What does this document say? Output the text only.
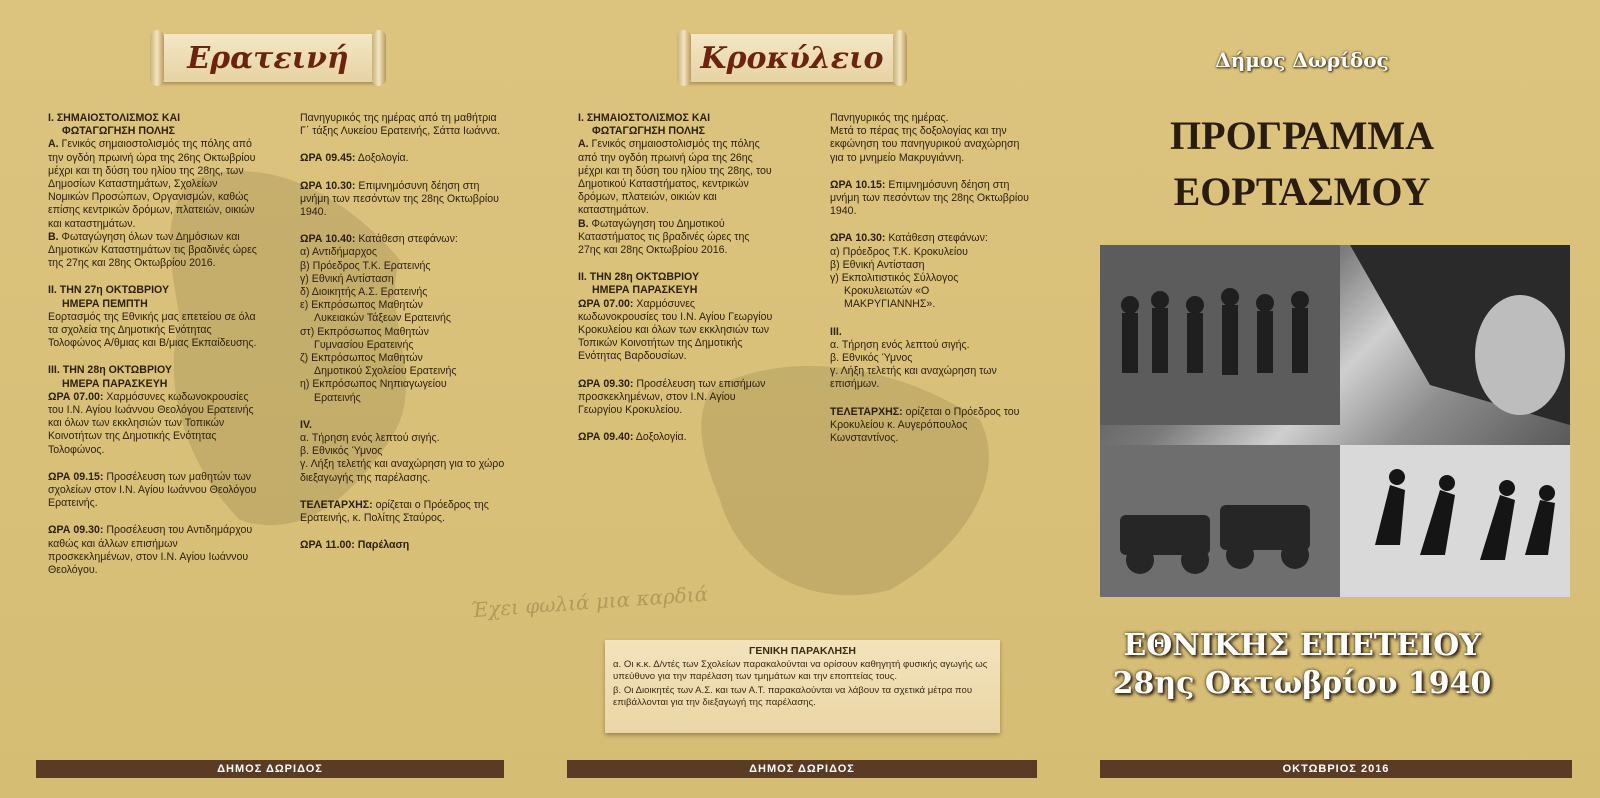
Έχει φωλιά μια καρδιά
Ερατεινή

I. ΣΗΜΑΙΟΣΤΟΛΙΣΜΟΣ ΚΑΙ

ΦΩΤΑΓΩΓΗΣΗ ΠΟΛΗΣ

Α. Γενικός σημαιοστολισμός της πόλης από την ογδόη πρωινή ώρα της 26ης Οκτωβρίου μέχρι και τη δύση του ηλίου της 28ης, των Δημοσίων Καταστημάτων, Σχολείων Νομικών Προσώπων, Οργανισμών, καθώς επίσης κεντρικών δρόμων, πλατειών, οικιών και καταστημάτων.

Β. Φωταγώγηση όλων των Δημόσιων και Δημοτικών Καταστημάτων τις βραδινές ώρες της 27ης και 28ης Οκτωβρίου 2016.

II. ΤΗΝ 27η ΟΚΤΩΒΡΙΟΥ

ΗΜΕΡΑ ΠΕΜΠΤΗ

Εορτασμός της Εθνικής μας επετείου σε όλα τα σχολεία της Δημοτικής Ενότητας Τολοφώνος Α/θμιας και Β/μιας Εκπαίδευσης.

III. ΤΗΝ 28η ΟΚΤΩΒΡΙΟΥ

ΗΜΕΡΑ ΠΑΡΑΣΚΕΥΗ

ΩΡΑ 07.00: Χαρμόσυνες κωδωνοκρουσίες του Ι.Ν. Αγίου Ιωάννου Θεολόγου Ερατεινής και όλων των εκκλησιών των Τοπικών Κοινοτήτων της Δημοτικής Ενότητας Τολοφώνος.

ΩΡΑ 09.15: Προσέλευση των μαθητών των σχολείων στον Ι.Ν. Αγίου Ιωάννου Θεολόγου Ερατεινής.

ΩΡΑ 09.30: Προσέλευση του Αντιδημάρχου καθώς και άλλων επισήμων προσκεκλημένων, στον Ι.Ν. Αγίου Ιωάννου Θεολόγου.

Πανηγυρικός της ημέρας από τη μαθήτρια Γ΄ τάξης Λυκείου Ερατεινής, Σάττα Ιωάννα.

ΩΡΑ 09.45: Δοξολογία.

ΩΡΑ 10.30: Επιμνημόσυνη δέηση στη μνήμη των πεσόντων της 28ης Οκτωβρίου 1940.

ΩΡΑ 10.40: Κατάθεση στεφάνων:

α) Αντιδήμαρχος

β) Πρόεδρος Τ.Κ. Ερατεινής

γ) Εθνική Αντίσταση

δ) Διοικητής Α.Σ. Ερατεινής

ε) Εκπρόσωπος Μαθητών

Λυκειακών Τάξεων Ερατεινής

στ) Εκπρόσωπος Μαθητών

Γυμνασίου Ερατεινής

ζ) Εκπρόσωπος Μαθητών

Δημοτικού Σχολείου Ερατεινής

η) Εκπρόσωπος Νηπιαγωγείου

Ερατεινής

IV.

α. Τήρηση ενός λεπτού σιγής.

β. Εθνικός Ύμνος

γ. Λήξη τελετής και αναχώρηση για το χώρο διεξαγωγής της παρέλασης.

ΤΕΛΕΤΑΡΧΗΣ: ορίζεται ο Πρόεδρος της Ερατεινής, κ. Πολίτης Σταύρος.

ΩΡΑ 11.00: Παρέλαση

ΔΗΜΟΣ ΔΩΡΙΔΟΣ
Κροκύλειο

I. ΣΗΜΑΙΟΣΤΟΛΙΣΜΟΣ ΚΑΙ

ΦΩΤΑΓΩΓΗΣΗ ΠΟΛΗΣ

Α. Γενικός σημαιοστολισμός της πόλης από την ογδόη πρωινή ώρα της 26ης μέχρι και τη δύση του ηλίου της 28ης, του Δημοτικού Καταστήματος, κεντρικών δρόμων, πλατειών, οικιών και καταστημάτων.

Β. Φωταγώγηση του Δημοτικού Καταστήματος τις βραδινές ώρες της 27ης και 28ης Οκτωβρίου 2016.

II. ΤΗΝ 28η ΟΚΤΩΒΡΙΟΥ

ΗΜΕΡΑ ΠΑΡΑΣΚΕΥΗ

ΩΡΑ 07.00: Χαρμόσυνες κωδωνοκρουσίες του Ι.Ν. Αγίου Γεωργίου Κροκυλείου και όλων των εκκλησιών των Τοπικών Κοινοτήτων της Δημοτικής Ενότητας Βαρδουσίων.

ΩΡΑ 09.30: Προσέλευση των επισήμων προσκεκλημένων, στον Ι.Ν. Αγίου Γεωργίου Κροκυλείου.

ΩΡΑ 09.40: Δοξολογία.

Πανηγυρικός της ημέρας.

Μετά το πέρας της δοξολογίας και την εκφώνηση του πανηγυρικού αναχώρηση για το μνημείο Μακρυγιάννη.

ΩΡΑ 10.15: Επιμνημόσυνη δέηση στη μνήμη των πεσόντων της 28ης Οκτωβρίου 1940.

ΩΡΑ 10.30: Κατάθεση στεφάνων:

α) Πρόεδρος Τ.Κ. Κροκυλείου

β) Εθνική Αντίσταση

γ) Εκπολιτιστικός Σύλλογος

Κροκυλειωτών «Ο

ΜΑΚΡΥΓΙΑΝΝΗΣ».

III.

α. Τήρηση ενός λεπτού σιγής.

β. Εθνικός Ύμνος

γ. Λήξη τελετής και αναχώρηση των επισήμων.

ΤΕΛΕΤΑΡΧΗΣ: ορίζεται ο Πρόεδρος του Κροκυλείου κ. Αυγερόπουλος Κωνσταντίνος.

ΓΕΝΙΚΗ ΠΑΡΑΚΛΗΣΗ

α. Οι κ.κ. Δ/ντές των Σχολείων παρακαλούνται να ορίσουν καθηγητή φυσικής αγωγής ως υπεύθυνο για την παρέλαση των τμημάτων και την εποπτείας τους.

β. Οι Διοικητές των Α.Σ. και των Α.Τ. παρακαλούνται να λάβουν τα σχετικά μέτρα που επιβάλλονται για την διεξαγωγή της παρέλασης.

ΔΗΜΟΣ ΔΩΡΙΔΟΣ
Δήμος Δωρίδος
ΠΡΟΓΡΑΜΜΑ
ΕΟΡΤΑΣΜΟΥ
ΕΘΝΙΚΗΣ ΕΠΕΤΕΙΟΥ
28ης Οκτωβρίου 1940
ΟΚΤΩΒΡΙΟΣ 2016
